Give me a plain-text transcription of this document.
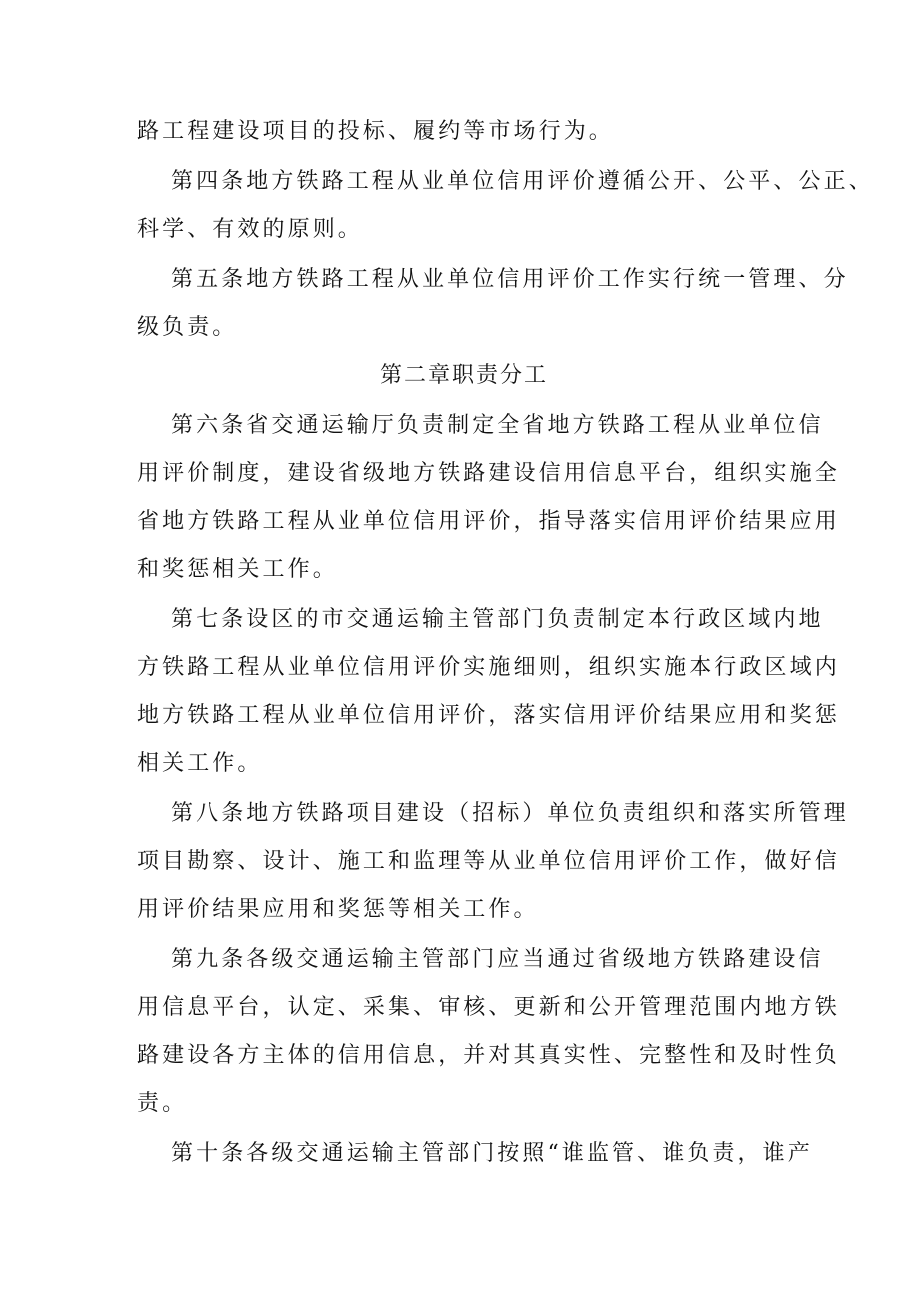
路工程建设项目的投标、履约等市场行为。
第四条地方铁路工程从业单位信用评价遵循公开、公平、公正、
科学、有效的原则。
第五条地方铁路工程从业单位信用评价工作实行统一管理、分
级负责。
第二章职责分工
第六条省交通运输厅负责制定全省地方铁路工程从业单位信
用评价制度，建设省级地方铁路建设信用信息平台，组织实施全
省地方铁路工程从业单位信用评价，指导落实信用评价结果应用
和奖惩相关工作。
第七条设区的市交通运输主管部门负责制定本行政区域内地
方铁路工程从业单位信用评价实施细则，组织实施本行政区域内
地方铁路工程从业单位信用评价，落实信用评价结果应用和奖惩
相关工作。
第八条地方铁路项目建设（招标）单位负责组织和落实所管理
项目勘察、设计、施工和监理等从业单位信用评价工作，做好信
用评价结果应用和奖惩等相关工作。
第九条各级交通运输主管部门应当通过省级地方铁路建设信
用信息平台，认定、采集、审核、更新和公开管理范围内地方铁
路建设各方主体的信用信息，并对其真实性、完整性和及时性负
责。
第十条各级交通运输主管部门按照“谁监管、谁负责，谁产
